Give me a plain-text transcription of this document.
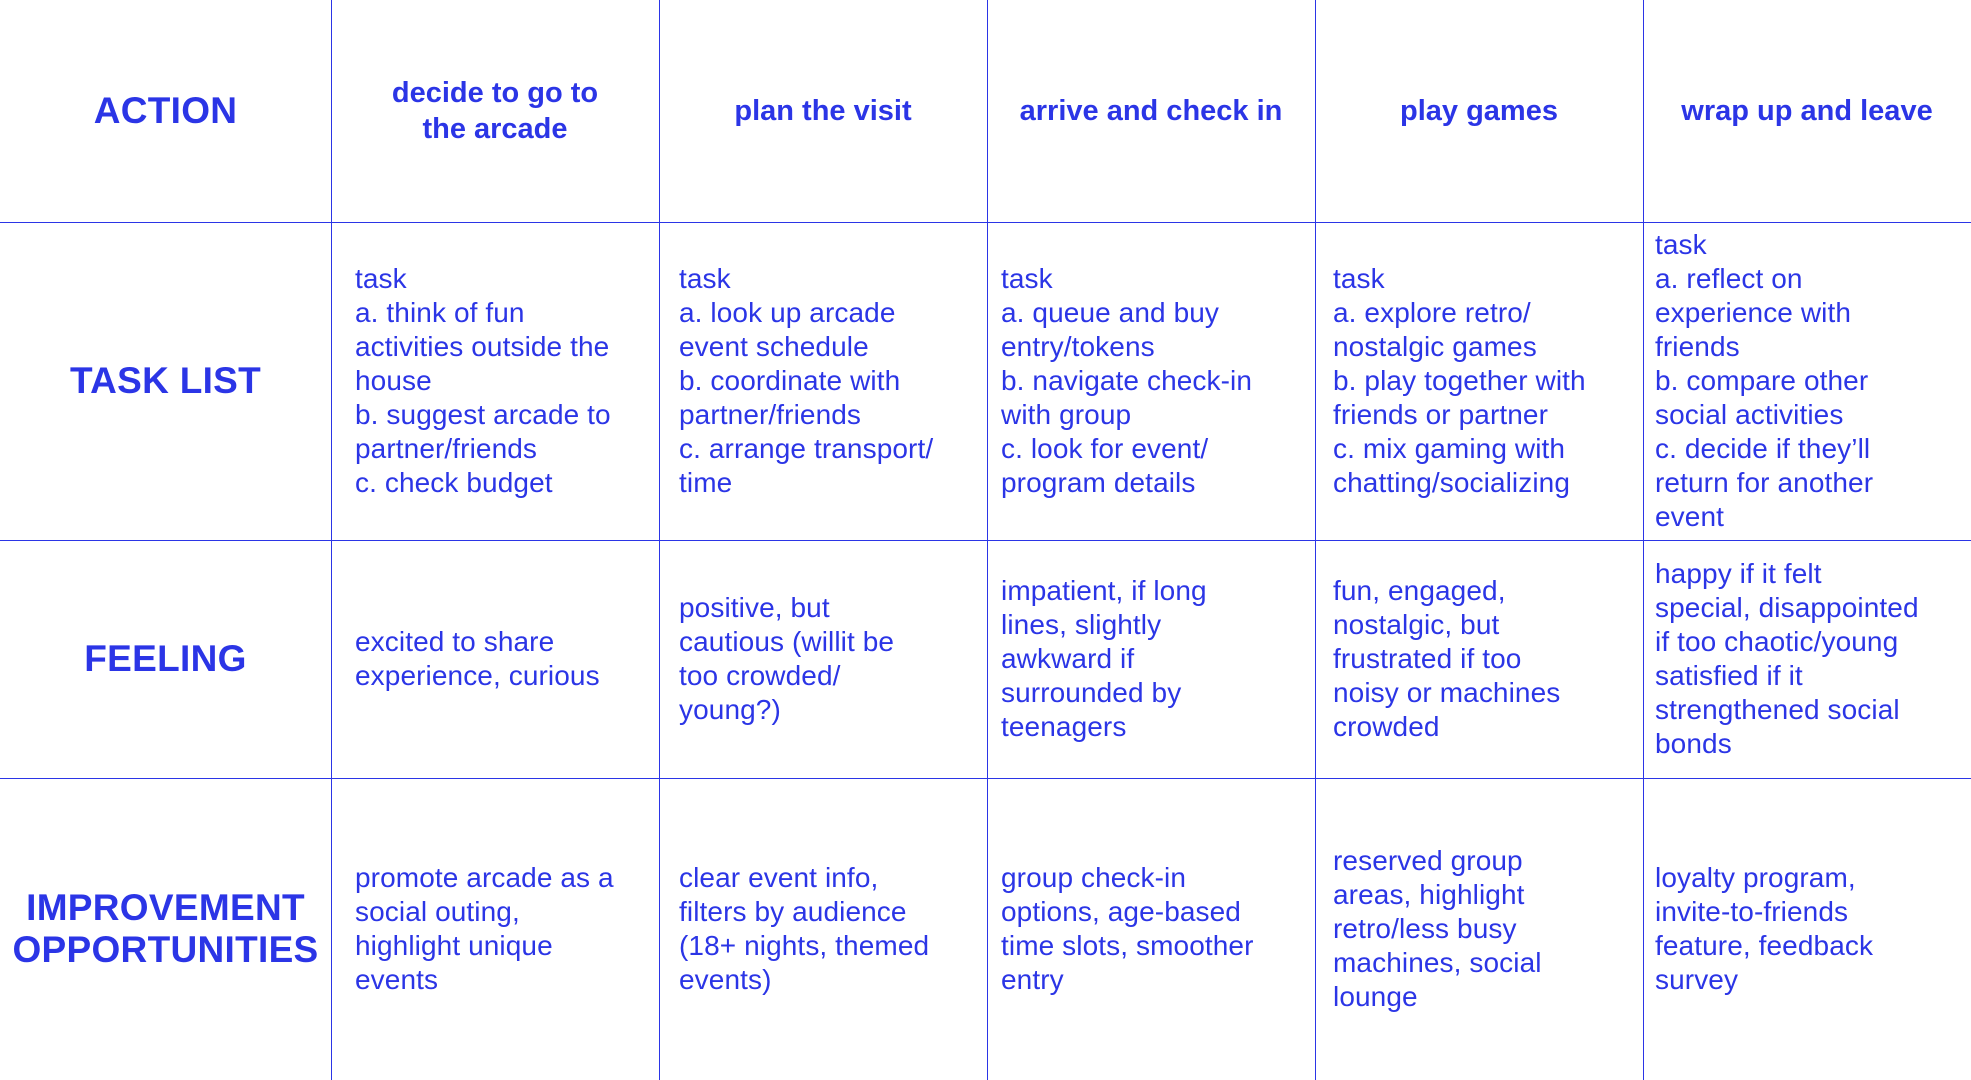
ACTION
TASK LIST
FEELING
IMPROVEMENT
OPPORTUNITIES
decide to go to
the arcade
task
a. think of fun
activities outside the
house
b. suggest arcade to
partner/friends
c. check budget
excited to share
experience, curious
promote arcade as a
social outing,
highlight unique
events
plan the visit
task
a. look up arcade
event schedule
b. coordinate with
partner/friends
c. arrange transport/
time
positive, but
cautious (willit be
too crowded/
young?)
clear event info,
filters by audience
(18+ nights, themed
events)
arrive and check in
task
a. queue and buy
entry/tokens
b. navigate check-in
with group
c. look for event/
program details
impatient, if long
lines, slightly
awkward if
surrounded by
teenagers
group check-in
options, age-based
time slots, smoother
entry
play games
task
a. explore retro/
nostalgic games
b. play together with
friends or partner
c. mix gaming with
chatting/socializing
fun, engaged,
nostalgic, but
frustrated if too
noisy or machines
crowded
reserved group
areas, highlight
retro/less busy
machines, social
lounge
wrap up and leave
task
a. reflect on
experience with
friends
b. compare other
social activities
c. decide if they’ll
return for another
event
happy if it felt
special, disappointed
if too chaotic/young
satisfied if it
strengthened social
bonds
loyalty program,
invite-to-friends
feature, feedback
survey
